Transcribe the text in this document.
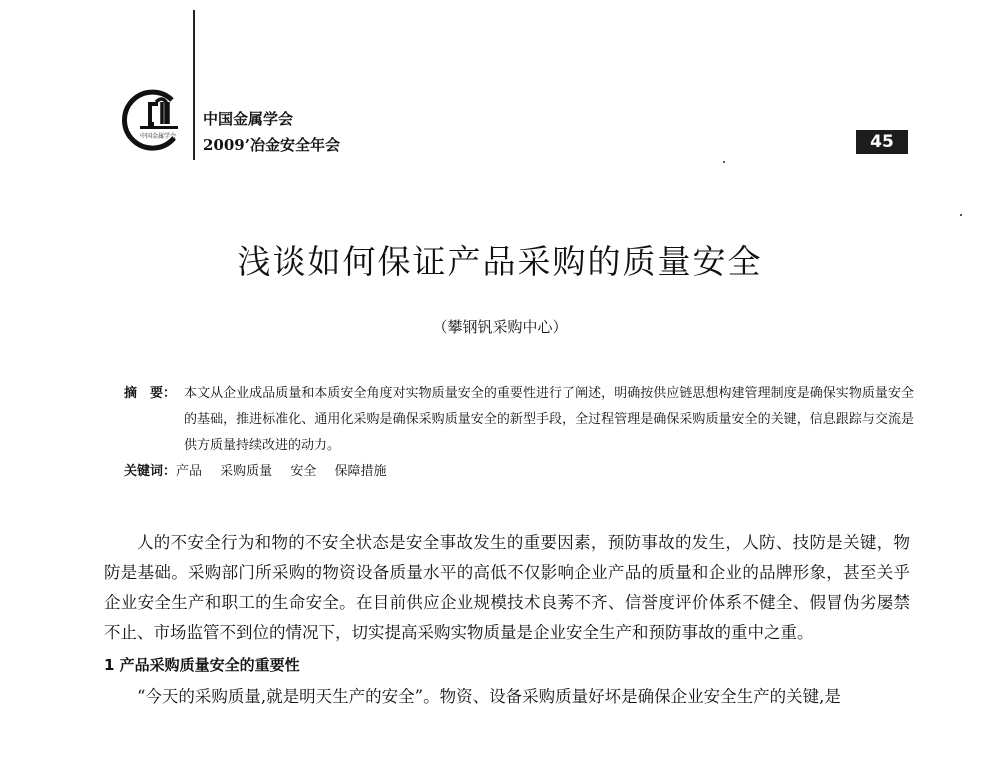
中国金属学会
中国金属学会
2009’冶金安全年会	45
浅谈如何保证产品采购的质量安全
（攀钢钒采购中心）
摘　要： 本文从企业成品质量和本质安全角度对实物质量安全的重要性进行了阐述，明确按供应链思想构建管理制度是确保实物质量安全的基础，推进标准化、通用化采购是确保采购质量安全的新型手段，全过程管理是确保采购质量安全的关键，信息跟踪与交流是供方质量持续改进的动力。
关键词： 产品 采购质量 安全 保障措施

人的不安全行为和物的不安全状态是安全事故发生的重要因素，预防事故的发生，人防、技防是关键，物防是基础。采购部门所采购的物资设备质量水平的高低不仅影响企业产品的质量和企业的品牌形象，甚至关乎企业安全生产和职工的生命安全。在目前供应企业规模技术良莠不齐、信誉度评价体系不健全、假冒伪劣屡禁不止、市场监管不到位的情况下，切实提高采购实物质量是企业安全生产和预防事故的重中之重。

1 产品采购质量安全的重要性

“今天的采购质量,就是明天生产的安全”。物资、设备采购质量好坏是确保企业安全生产的关键,是
